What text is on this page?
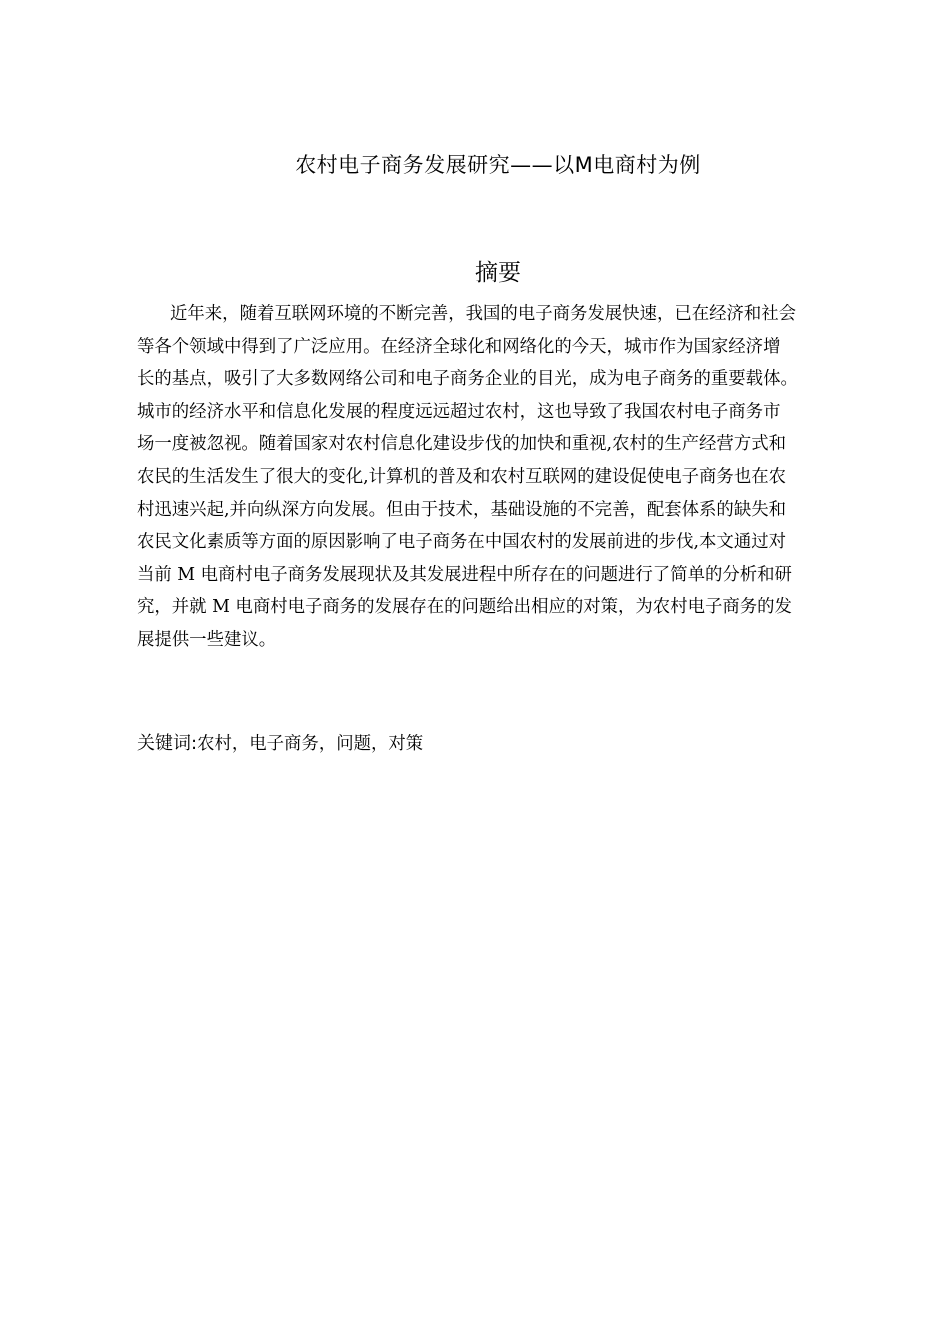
农村电子商务发展研究——以M电商村为例
摘要
近年来，随着互联网环境的不断完善，我国的电子商务发展快速，已在经济和社会
等各个领域中得到了广泛应用。在经济全球化和网络化的今天，城市作为国家经济增
长的基点，吸引了大多数网络公司和电子商务企业的目光，成为电子商务的重要载体。
城市的经济水平和信息化发展的程度远远超过农村，这也导致了我国农村电子商务市
场一度被忽视。随着国家对农村信息化建设步伐的加快和重视,农村的生产经营方式和
农民的生活发生了很大的变化,计算机的普及和农村互联网的建设促使电子商务也在农
村迅速兴起,并向纵深方向发展。但由于技术，基础设施的不完善，配套体系的缺失和
农民文化素质等方面的原因影响了电子商务在中国农村的发展前进的步伐,本文通过对
当前 M 电商村电子商务发展现状及其发展进程中所存在的问题进行了简单的分析和研
究，并就 M 电商村电子商务的发展存在的问题给出相应的对策，为农村电子商务的发
展提供一些建议。
关键词:农村，电子商务，问题，对策
